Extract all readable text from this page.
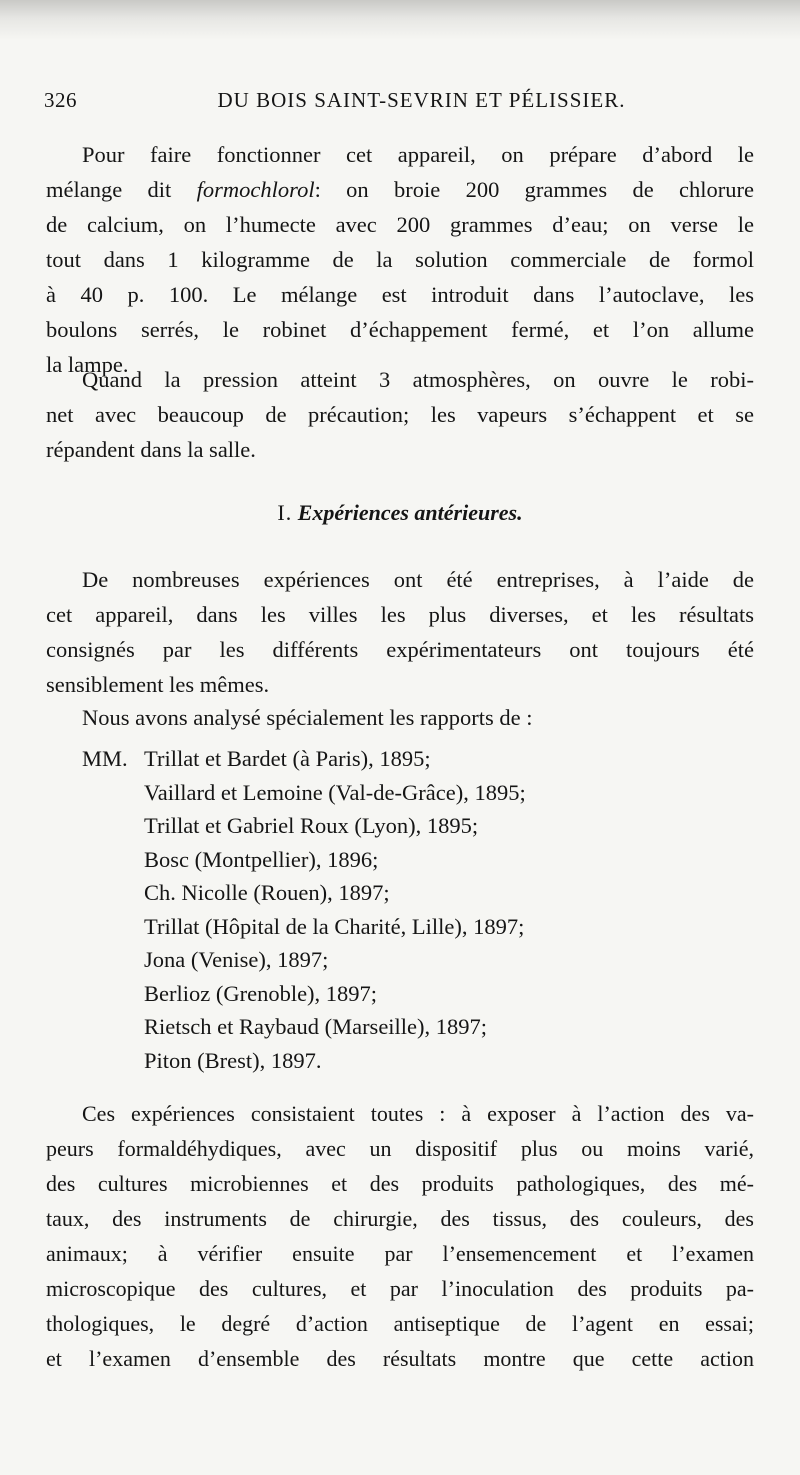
326	DU BOIS SAINT-SEVRIN ET PÉLISSIER.
Pour faire fonctionner cet appareil, on prépare d’abord le
mélange dit formochlorol: on broie 200 grammes de chlorure
de calcium, on l’humecte avec 200 grammes d’eau; on verse le
tout dans 1 kilogramme de la solution commerciale de formol
à 40 p. 100. Le mélange est introduit dans l’autoclave, les
boulons serrés, le robinet d’échappement fermé, et l’on allume
la lampe.
Quand la pression atteint 3 atmosphères, on ouvre le robi-
net avec beaucoup de précaution; les vapeurs s’échappent et se
répandent dans la salle.
I. Expériences antérieures.
De nombreuses expériences ont été entreprises, à l’aide de
cet appareil, dans les villes les plus diverses, et les résultats
consignés par les différents expérimentateurs ont toujours été
sensiblement les mêmes.
Nous avons analysé spécialement les rapports de :
MM. Trillat et Bardet (à Paris), 1895;
Vaillard et Lemoine (Val-de-Grâce), 1895;
Trillat et Gabriel Roux (Lyon), 1895;
Bosc (Montpellier), 1896;
Ch. Nicolle (Rouen), 1897;
Trillat (Hôpital de la Charité, Lille), 1897;
Jona (Venise), 1897;
Berlioz (Grenoble), 1897;
Rietsch et Raybaud (Marseille), 1897;
Piton (Brest), 1897.
Ces expériences consistaient toutes : à exposer à l’action des va-
peurs formaldéhydiques, avec un dispositif plus ou moins varié,
des cultures microbiennes et des produits pathologiques, des mé-
taux, des instruments de chirurgie, des tissus, des couleurs, des
animaux; à vérifier ensuite par l’ensemencement et l’examen
microscopique des cultures, et par l’inoculation des produits pa-
thologiques, le degré d’action antiseptique de l’agent en essai;
et l’examen d’ensemble des résultats montre que cette action
